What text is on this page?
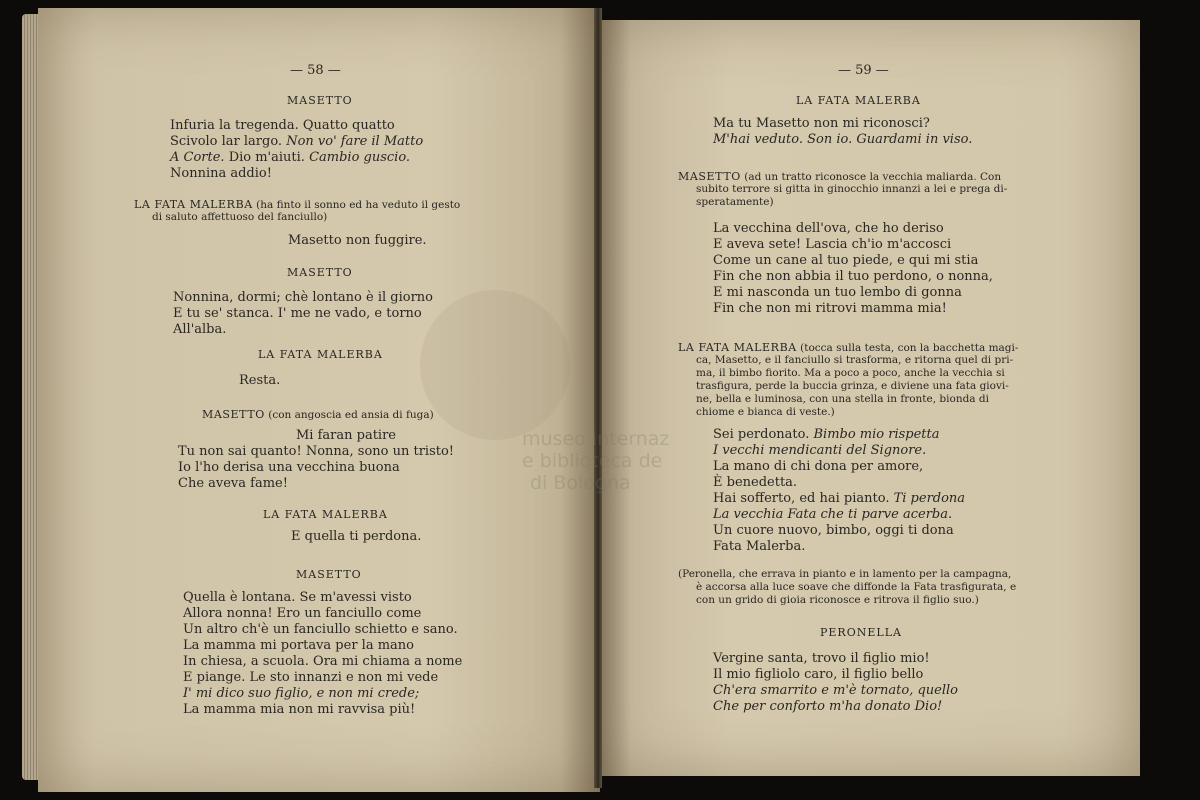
museo internaz
e biblioteca de
di Bologna
— 58 —
MASETTO
Infuria la tregenda. Quatto quatto
Scivolo lar largo. Non vo' fare il Matto
A Corte. Dio m'aiuti. Cambio guscio.
Nonnina addio!
LA FATA MALERBA (ha finto il sonno ed ha veduto il gesto
di saluto affettuoso del fanciullo)
Masetto non fuggire.
MASETTO
Nonnina, dormi; chè lontano è il giorno
E tu se' stanca. I' me ne vado, e torno
All'alba.
LA FATA MALERBA
Resta.
MASETTO (con angoscia ed ansia di fuga)
Mi faran patire
Tu non sai quanto! Nonna, sono un tristo!
Io l'ho derisa una vecchina buona
Che aveva fame!
LA FATA MALERBA
E quella ti perdona.
MASETTO
Quella è lontana. Se m'avessi visto
Allora nonna! Ero un fanciullo come
Un altro ch'è un fanciullo schietto e sano.
La mamma mi portava per la mano
In chiesa, a scuola. Ora mi chiama a nome
E piange. Le sto innanzi e non mi vede
I' mi dico suo figlio, e non mi crede;
La mamma mia non mi ravvisa più!
— 59 —
LA FATA MALERBA
Ma tu Masetto non mi riconosci?
M'hai veduto. Son io. Guardami in viso.
MASETTO (ad un tratto riconosce la vecchia maliarda. Con
subito terrore si gitta in ginocchio innanzi a lei e prega di-
speratamente)
La vecchina dell'ova, che ho deriso
E aveva sete! Lascia ch'io m'accosci
Come un cane al tuo piede, e qui mi stia
Fin che non abbia il tuo perdono, o nonna,
E mi nasconda un tuo lembo di gonna
Fin che non mi ritrovi mamma mia!
LA FATA MALERBA (tocca sulla testa, con la bacchetta magi-
ca, Masetto, e il fanciullo si trasforma, e ritorna quel di pri-
ma, il bimbo fiorito. Ma a poco a poco, anche la vecchia si
trasfigura, perde la buccia grinza, e diviene una fata giovi-
ne, bella e luminosa, con una stella in fronte, bionda di
chiome e bianca di veste.)
Sei perdonato. Bimbo mio rispetta
I vecchi mendicanti del Signore.
La mano di chi dona per amore,
È benedetta.
Hai sofferto, ed hai pianto. Ti perdona
La vecchia Fata che ti parve acerba.
Un cuore nuovo, bimbo, oggi ti dona
Fata Malerba.
(Peronella, che errava in pianto e in lamento per la campagna,
è accorsa alla luce soave che diffonde la Fata trasfigurata, e
con un grido di gioia riconosce e ritrova il figlio suo.)
PERONELLA
Vergine santa, trovo il figlio mio!
Il mio figliolo caro, il figlio bello
Ch'era smarrito e m'è tornato, quello
Che per conforto m'ha donato Dio!
